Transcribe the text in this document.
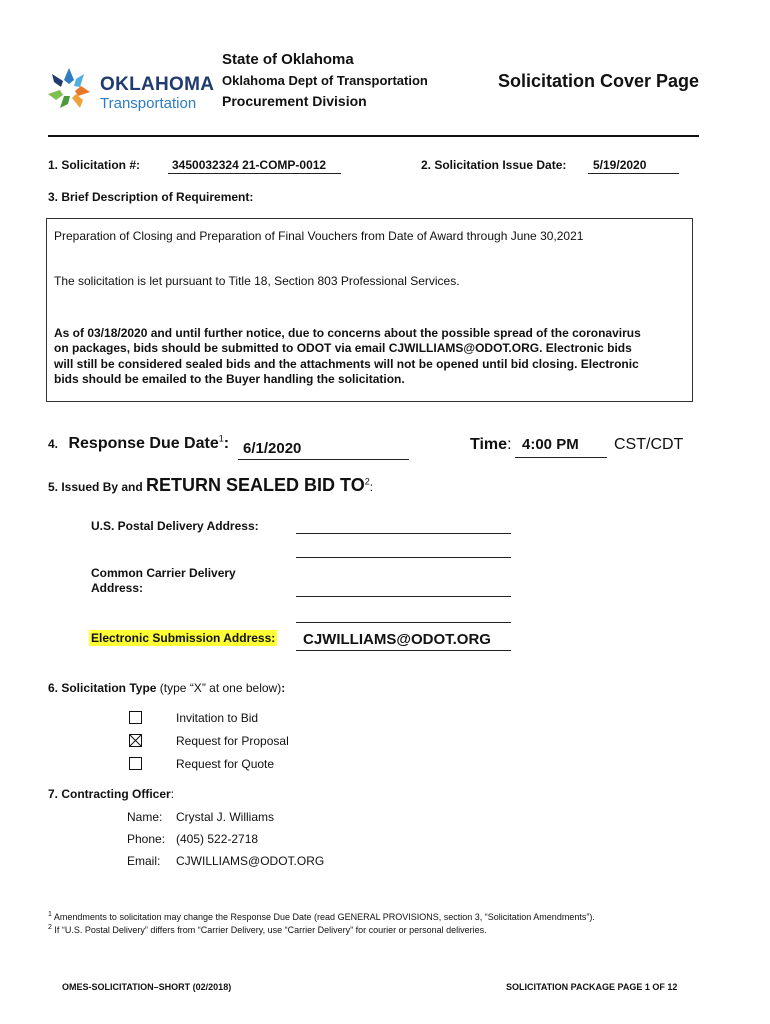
OKLAHOMA
Transportation
State of Oklahoma
Oklahoma Dept of Transportation
Procurement Division
Solicitation Cover Page
1. Solicitation #:	3450032324 21-COMP-0012	2. Solicitation Issue Date:	5/19/2020
3. Brief Description of Requirement:
Preparation of Closing and Preparation of Final Vouchers from Date of Award through June 30,2021
The solicitation is let pursuant to Title 18, Section 803 Professional Services.
As of 03/18/2020 and until further notice, due to concerns about the possible spread of the coronavirus
on packages, bids should be submitted to ODOT via email CJWILLIAMS@ODOT.ORG. Electronic bids
will still be considered sealed bids and the attachments will not be opened until bid closing. Electronic
bids should be emailed to the Buyer handling the solicitation.
4. Response Due Date$^1$: 6/1/2020	Time: 4:00 PM	CST/CDT
5. Issued By and RETURN SEALED BID $TO^2$:
U.S. Postal Delivery Address:
Common Carrier Delivery
Address:
Electronic Submission Address:	CJWILLIAMS@ODOT.ORG
6. Solicitation Type (type “X” at one below):
Invitation to Bid
Request for Proposal
Request for Quote
7. Contracting Officer:
Name: Crystal J. Williams
Phone: (405) 522-2718
Email: CJWILLIAMS@ODOT.ORG
$^1$ Amendments to solicitation may change the Response Due Date (read GENERAL PROVISIONS, section 3, “Solicitation Amendments”).
$^2$ If “U.S. Postal Delivery” differs from “Carrier Delivery, use “Carrier Delivery” for courier or personal deliveries.
OMES-SOLICITATION–SHORT (02/2018)	SOLICITATION PACKAGE PAGE 1 OF 12
